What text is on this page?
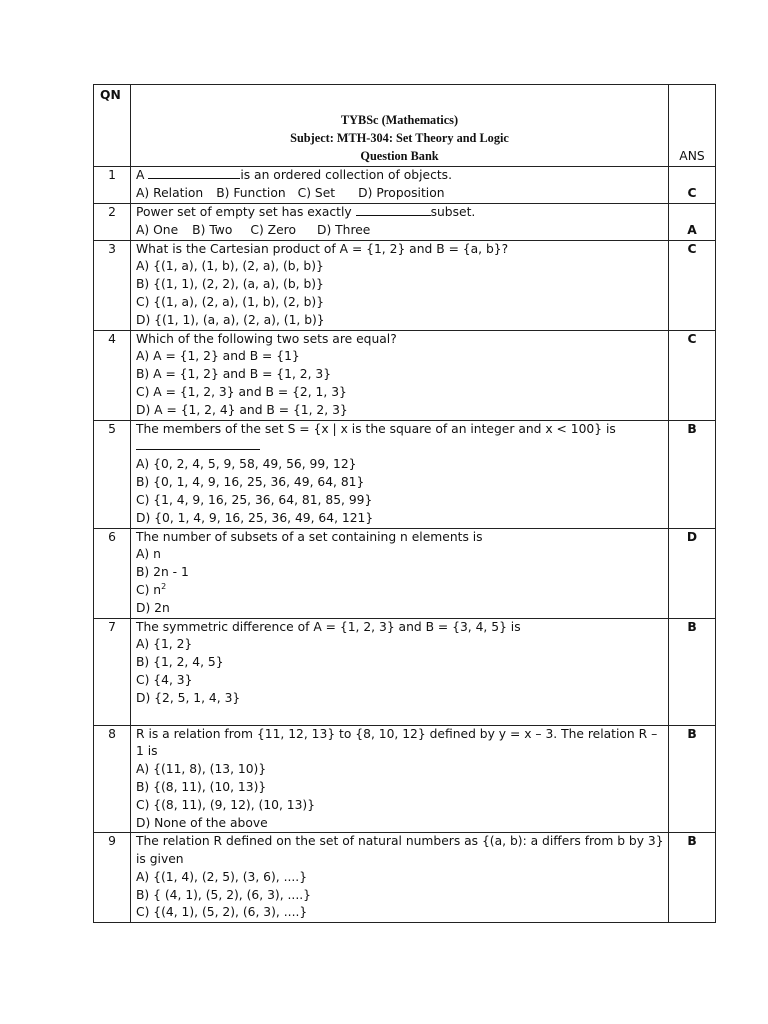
QN	TYBSc (Mathematics)
Subject: MTH-304: Set Theory and Logic
Question Bank	ANS
1	A is an ordered collection of objects.
A) Relation B) Function C) Set D) Proposition	C
2	Power set of empty set has exactly subset.
A) One B) Two C) Zero D) Three	A
3	What is the Cartesian product of A = {1, 2} and B = {a, b}?
A) {(1, a), (1, b), (2, a), (b, b)}
B) {(1, 1), (2, 2), (a, a), (b, b)}
C) {(1, a), (2, a), (1, b), (2, b)}
D) {(1, 1), (a, a), (2, a), (1, b)}	C
4	Which of the following two sets are equal?
A) A = {1, 2} and B = {1}
B) A = {1, 2} and B = {1, 2, 3}
C) A = {1, 2, 3} and B = {2, 1, 3}
D) A = {1, 2, 4} and B = {1, 2, 3}	C
5	The members of the set S = {x | x is the square of an integer and x < 100} is
A) {0, 2, 4, 5, 9, 58, 49, 56, 99, 12}
B) {0, 1, 4, 9, 16, 25, 36, 49, 64, 81}
C) {1, 4, 9, 16, 25, 36, 64, 81, 85, 99}
D) {0, 1, 4, 9, 16, 25, 36, 49, 64, 121}	B
6	The number of subsets of a set containing n elements is
A) n
B) 2n - 1
C) $n^2$
D) 2n	D
7	The symmetric difference of A = {1, 2, 3} and B = {3, 4, 5} is
A) {1, 2}
B) {1, 2, 4, 5}
C) {4, 3}
D) {2, 5, 1, 4, 3}	B
8	R is a relation from {11, 12, 13} to {8, 10, 12} defined by y = x – 3. The relation R – 1 is
A) {(11, 8), (13, 10)}
B) {(8, 11), (10, 13)}
C) {(8, 11), (9, 12), (10, 13)}
D) None of the above	B
9	The relation R defined on the set of natural numbers as {(a, b): a differs from b by 3} is given
A) {(1, 4), (2, 5), (3, 6), ....}
B) { (4, 1), (5, 2), (6, 3), ....}
C) {(4, 1), (5, 2), (6, 3), ....}	B
